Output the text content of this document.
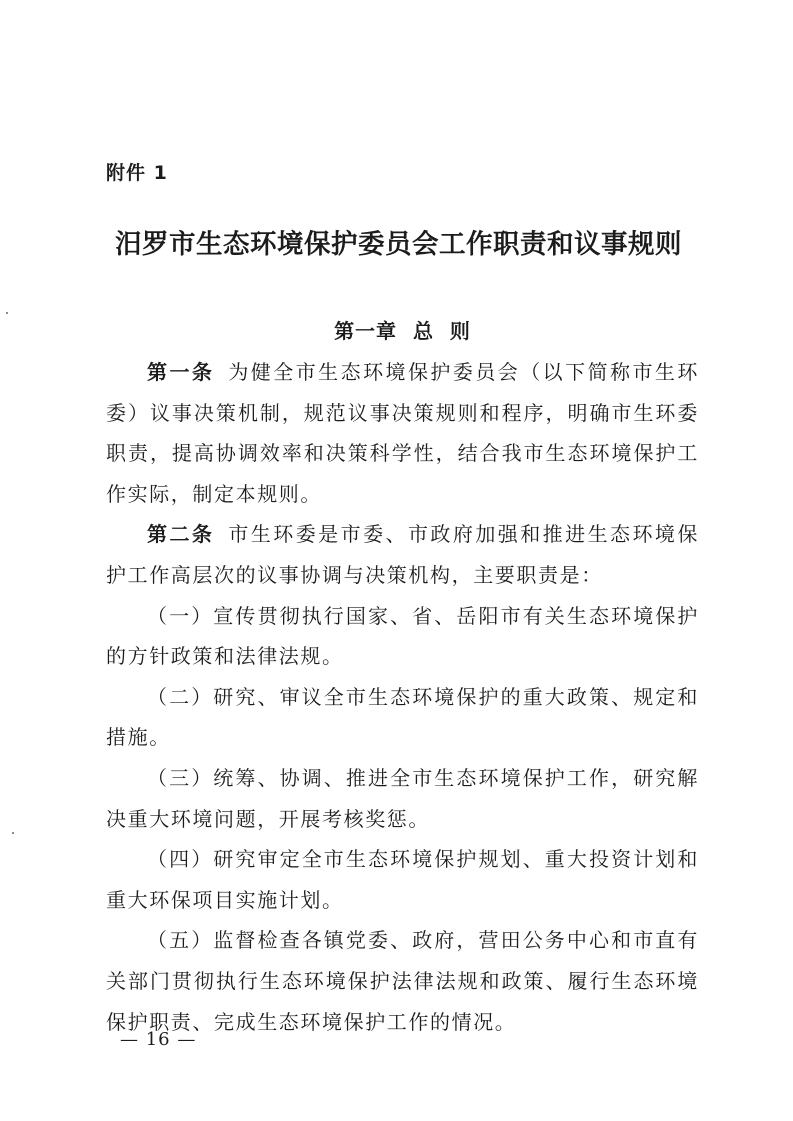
附件 1

汨罗市生态环境保护委员会工作职责和议事规则
第一章  总  则

第一条 为健全市生态环境保护委员会（以下简称市生环委）议事决策机制，规范议事决策规则和程序，明确市生环委职责，提高协调效率和决策科学性，结合我市生态环境保护工作实际，制定本规则。

第二条 市生环委是市委、市政府加强和推进生态环境保护工作高层次的议事协调与决策机构，主要职责是：

（一）宣传贯彻执行国家、省、岳阳市有关生态环境保护的方针政策和法律法规。

（二）研究、审议全市生态环境保护的重大政策、规定和措施。

（三）统筹、协调、推进全市生态环境保护工作，研究解决重大环境问题，开展考核奖惩。

（四）研究审定全市生态环境保护规划、重大投资计划和重大环保项目实施计划。

（五）监督检查各镇党委、政府，营田公务中心和市直有关部门贯彻执行生态环境保护法律法规和政策、履行生态环境保护职责、完成生态环境保护工作的情况。

— 16 —
